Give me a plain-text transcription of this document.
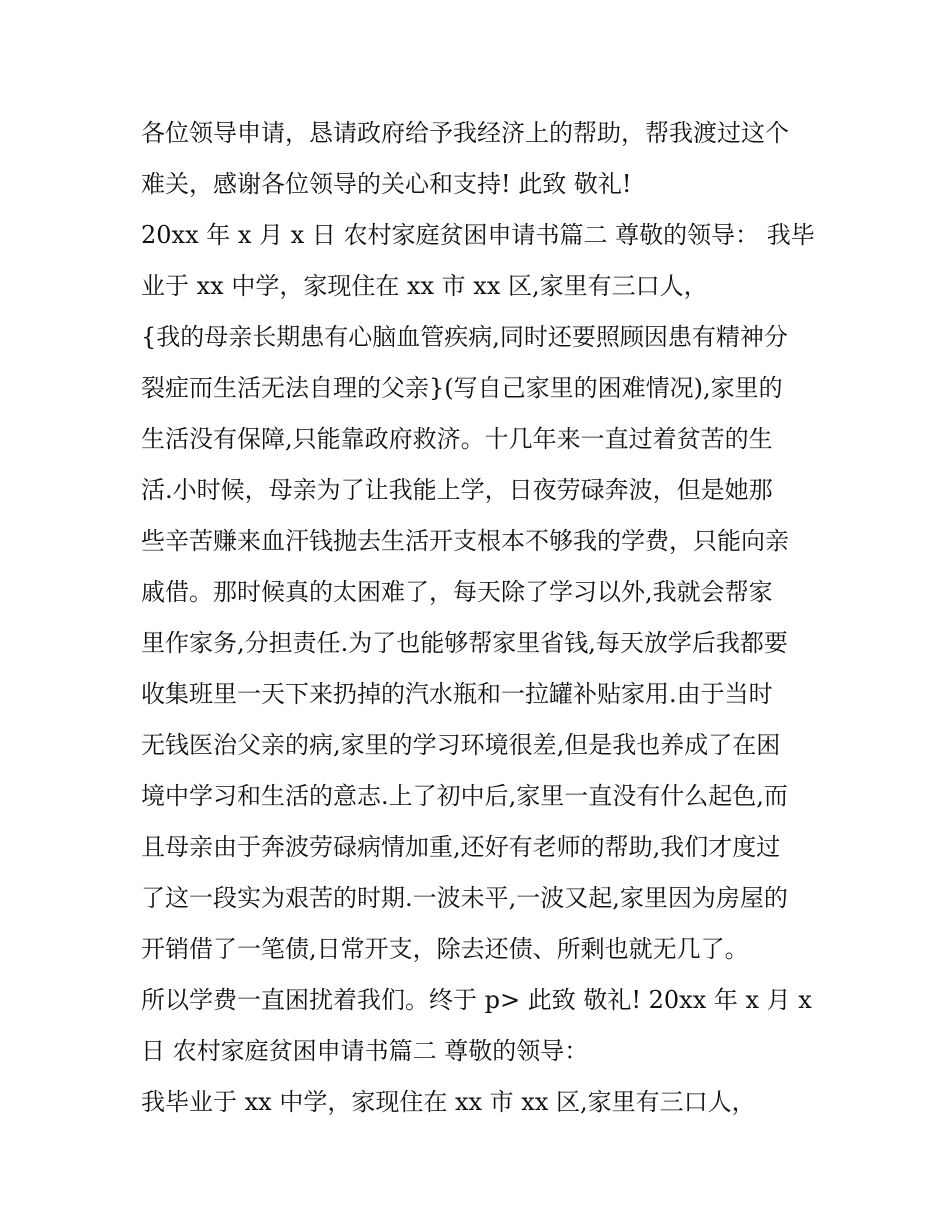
各位领导申请，恳请政府给予我经济上的帮助，帮我渡过这个
难关，感谢各位领导的关心和支持! 此致 敬礼!
20xx 年 x 月 x 日 农村家庭贫困申请书篇二 尊敬的领导： 我毕
业于 xx 中学，家现住在 xx 市 xx 区,家里有三口人，
{我的母亲长期患有心脑血管疾病,同时还要照顾因患有精神分
裂症而生活无法自理的父亲}(写自己家里的困难情况),家里的
生活没有保障,只能靠政府救济。十几年来一直过着贫苦的生
活.小时候，母亲为了让我能上学，日夜劳碌奔波，但是她那
些辛苦赚来血汗钱抛去生活开支根本不够我的学费，只能向亲
戚借。那时候真的太困难了，每天除了学习以外,我就会帮家
里作家务,分担责任.为了也能够帮家里省钱,每天放学后我都要
收集班里一天下来扔掉的汽水瓶和一拉罐补贴家用.由于当时
无钱医治父亲的病,家里的学习环境很差,但是我也养成了在困
境中学习和生活的意志.上了初中后,家里一直没有什么起色,而
且母亲由于奔波劳碌病情加重,还好有老师的帮助,我们才度过
了这一段实为艰苦的时期.一波未平,一波又起,家里因为房屋的
开销借了一笔债,日常开支，除去还债、所剩也就无几了。
所以学费一直困扰着我们。终于 p> 此致 敬礼! 20xx 年 x 月 x
日 农村家庭贫困申请书篇二 尊敬的领导：
我毕业于 xx 中学，家现住在 xx 市 xx 区,家里有三口人，
